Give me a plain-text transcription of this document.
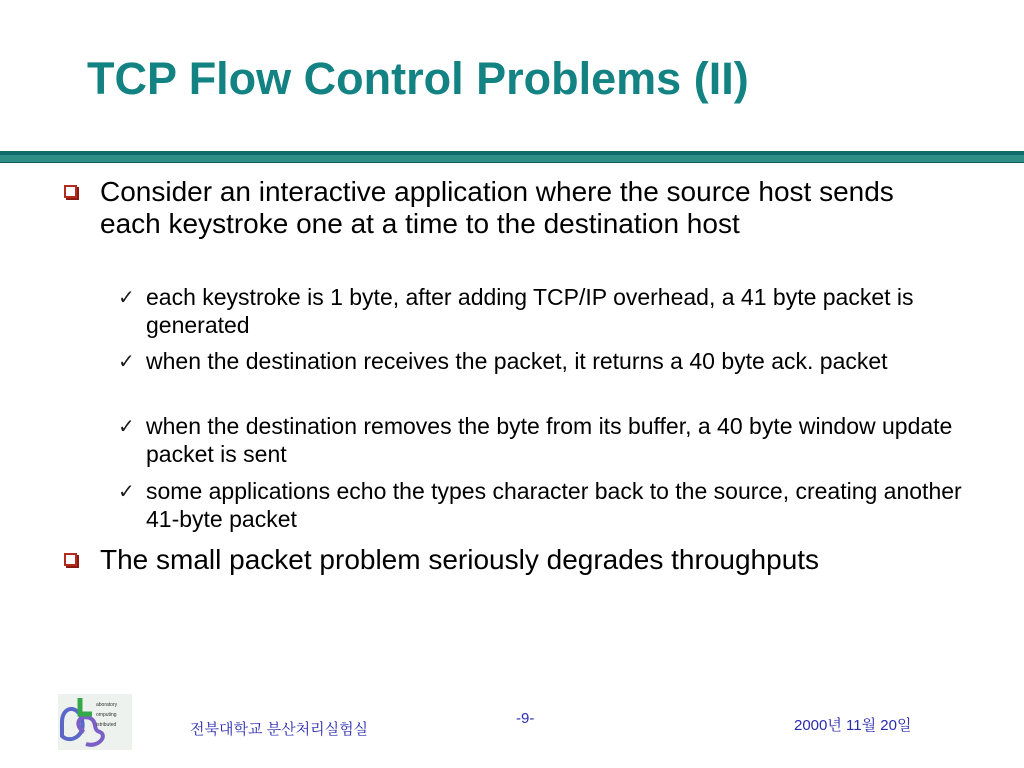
TCP Flow Control Problems (II)
Consider an interactive application where the source host sends each keystroke one at a time to the destination host
✓ each keystroke is 1 byte, after adding TCP/IP overhead, a 41 byte packet is generated
✓ when the destination receives the packet, it returns a 40 byte ack. packet
✓ when the destination removes the byte from its buffer, a 40 byte window update packet is sent
✓ some applications echo the types character back to the source, creating another 41-byte packet
The small packet problem seriously degrades throughputs
aboratory
omputing
istributed	전북대학교 분산처리실험실
-9-	2000년 11월 20일
